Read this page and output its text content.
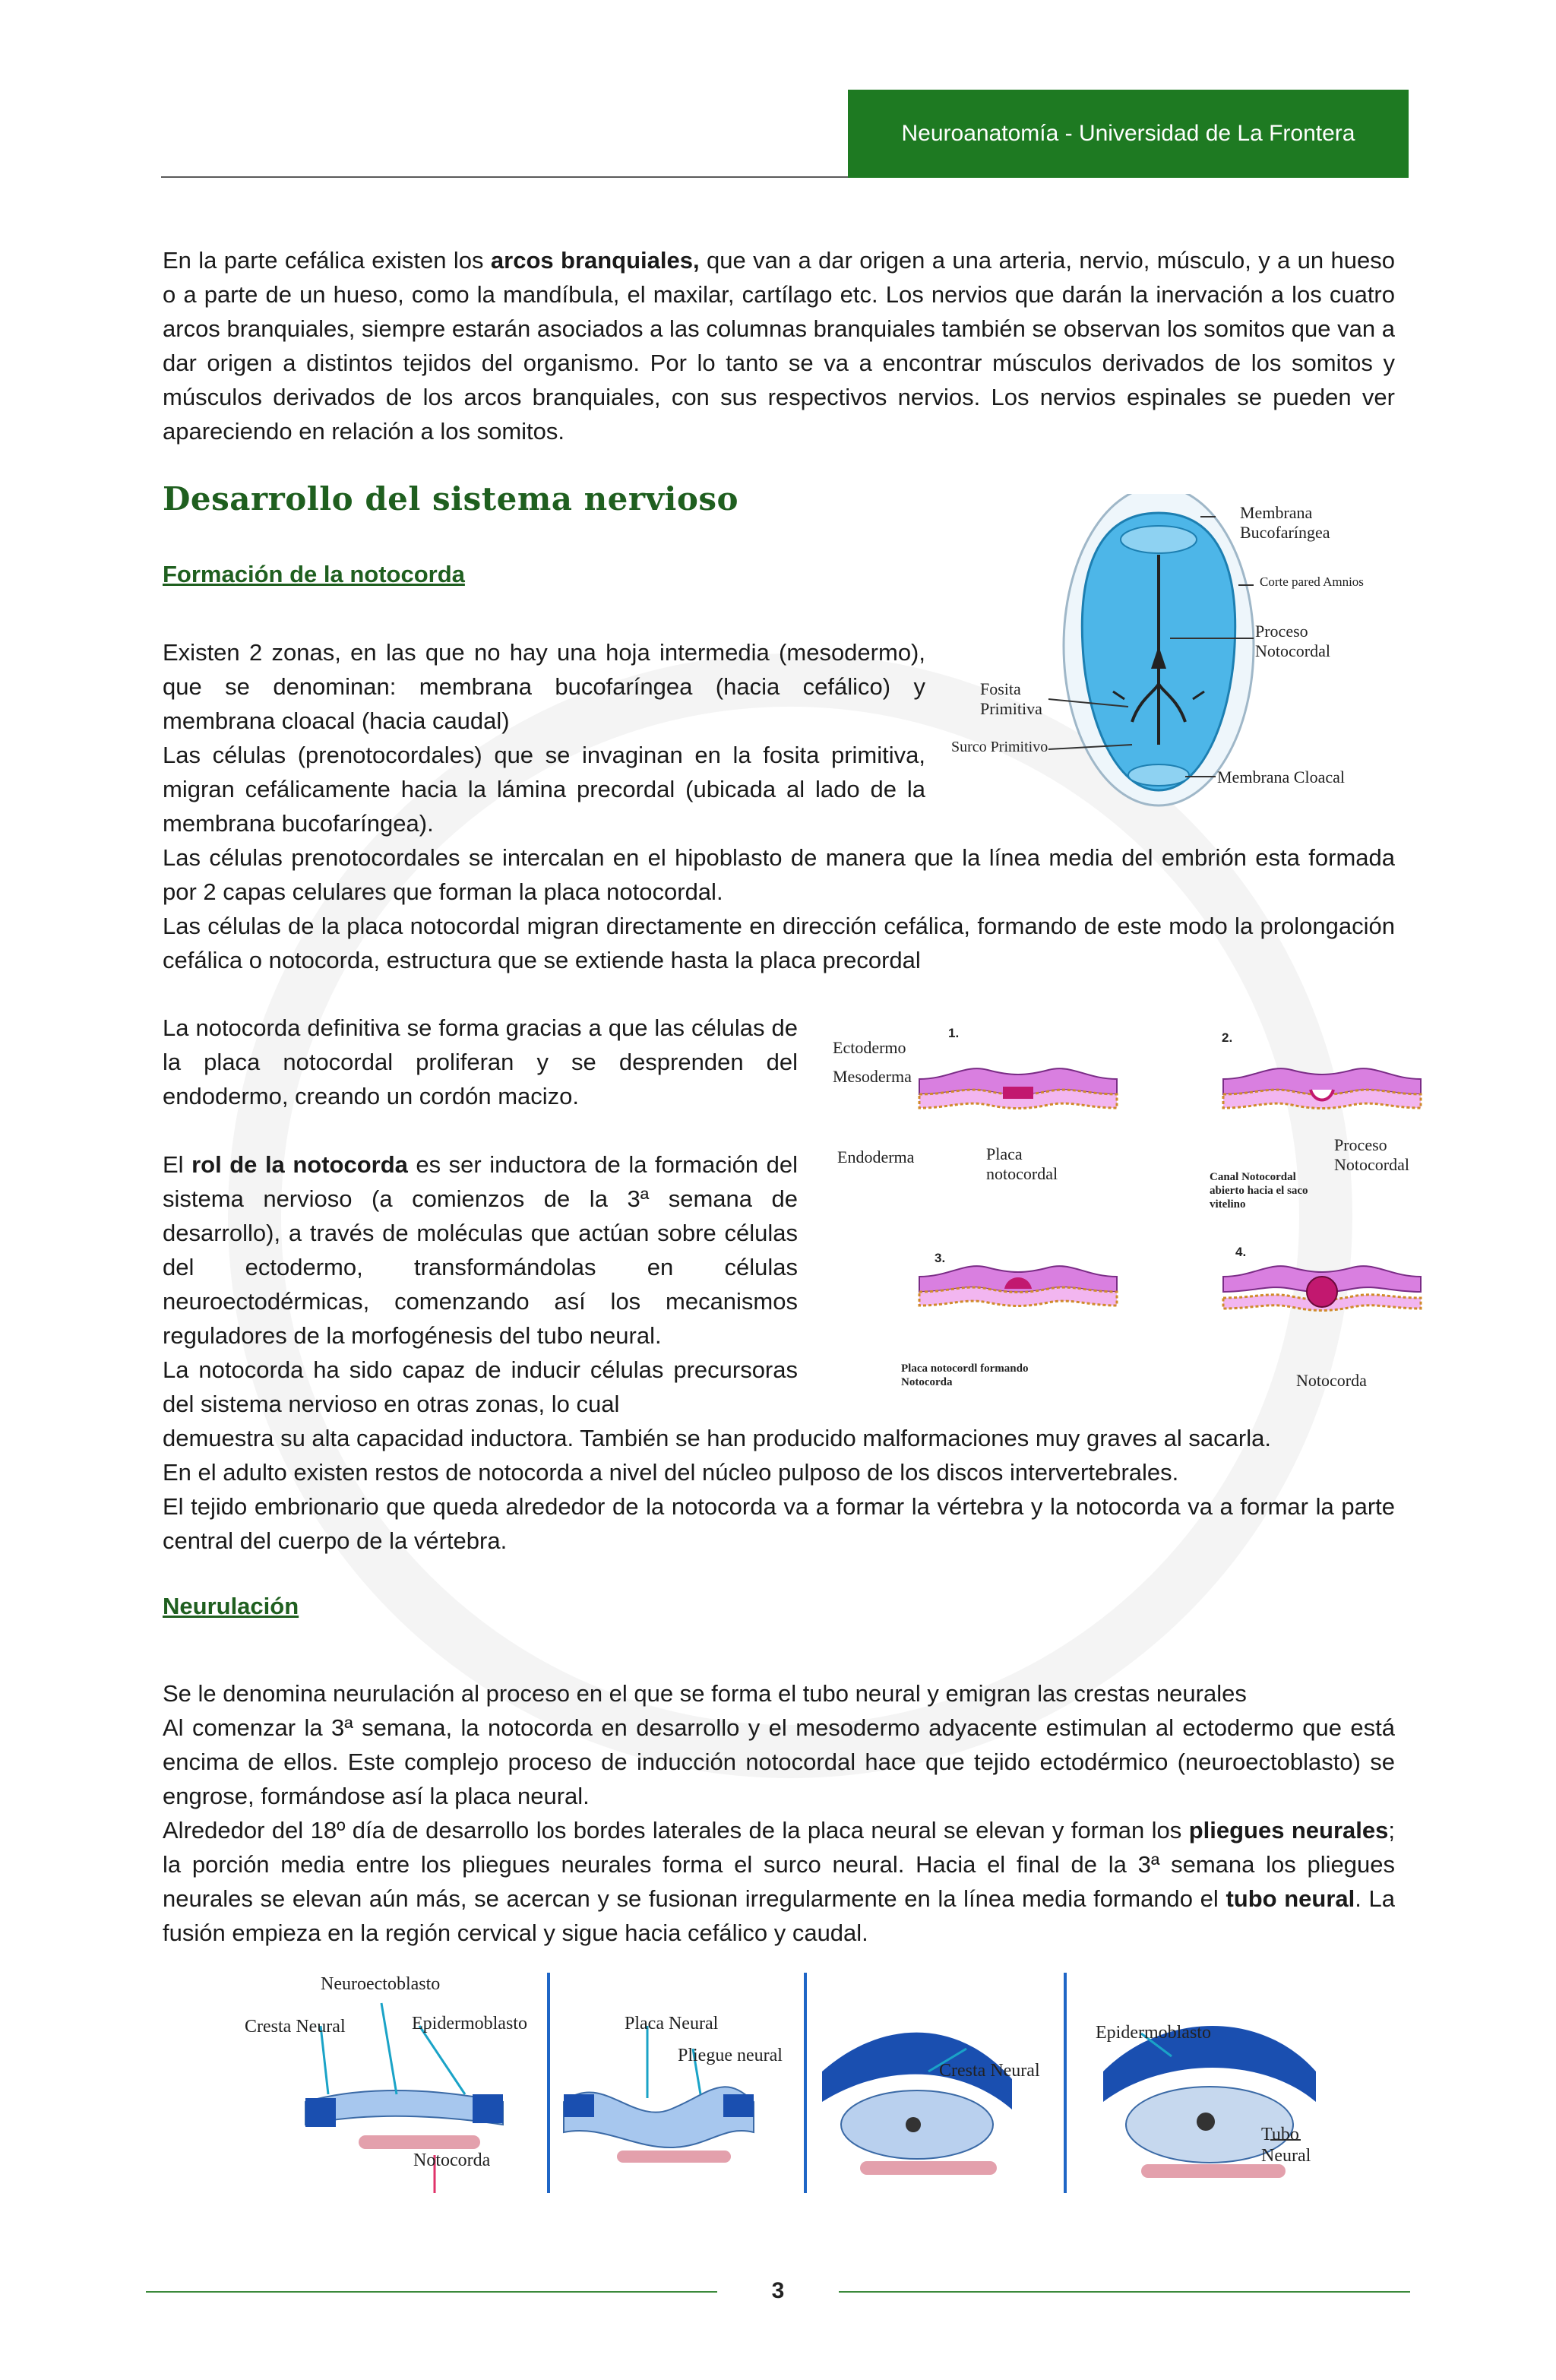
Neuroanatomía - Universidad de La Frontera

En la parte cefálica existen los arcos branquiales, que van a dar origen a una arteria, nervio, músculo, y a un hueso o a parte de un hueso, como la mandíbula, el maxilar, cartílago etc. Los nervios que darán la inervación a los cuatro arcos branquiales, siempre estarán asociados a las columnas branquiales también se observan los somitos que van a dar origen a distintos tejidos del organismo. Por lo tanto se va a encontrar músculos derivados de los somitos y músculos derivados de los arcos branquiales, con sus respectivos nervios. Los nervios espinales se pueden ver apareciendo en relación a los somitos.

Desarrollo del sistema nervioso
Formación de la notocorda

Existen 2 zonas, en las que no hay una hoja intermedia (mesodermo), que se denominan: membrana bucofaríngea (hacia cefálico) y membrana cloacal (hacia caudal)

Las células (prenotocordales) que se invaginan en la fosita primitiva, migran cefálicamente hacia la lámina precordal (ubicada al lado de la membrana bucofaríngea).

Las células prenotocordales se intercalan en el hipoblasto de manera que la línea media del embrión esta formada por 2 capas celulares que forman la placa notocordal.

Las células de la placa notocordal migran directamente en dirección cefálica, formando de este modo la prolongación cefálica o notocorda, estructura que se extiende hasta la placa precordal

La notocorda definitiva se forma gracias a que las células de la placa notocordal proliferan y se desprenden del endodermo, creando un cordón macizo.

El rol de la notocorda es ser inductora de la formación del sistema nervioso (a comienzos de la 3ª semana de desarrollo), a través de moléculas que actúan sobre células del ectodermo, transformándolas en células neuroectodérmicas, comenzando así los mecanismos reguladores de la morfogénesis del tubo neural.

La notocorda ha sido capaz de inducir células precursoras del sistema nervioso en otras zonas, lo cual

demuestra su alta capacidad inductora. También se han producido malformaciones muy graves al sacarla.

En el adulto existen restos de notocorda a nivel del núcleo pulposo de los discos intervertebrales.

El tejido embrionario que queda alrededor de la notocorda va a formar la vértebra y la notocorda va a formar la parte central del cuerpo de la vértebra.

Neurulación

Se le denomina neurulación al proceso en el que se forma el tubo neural y emigran las crestas neurales

Al comenzar la 3ª semana, la notocorda en desarrollo y el mesodermo adyacente estimulan al ectodermo que está encima de ellos. Este complejo proceso de inducción notocordal hace que tejido ectodérmico (neuroectoblasto) se engrose, formándose así la placa neural.

Alrededor del 18º día de desarrollo los bordes laterales de la placa neural se elevan y forman los pliegues neurales; la porción media entre los pliegues neurales forma el surco neural. Hacia el final de la 3ª semana los pliegues neurales se elevan aún más, se acercan y se fusionan irregularmente en la línea media formando el tubo neural. La fusión empieza en la región cervical y sigue hacia cefálico y caudal.

Membrana
Bucofaríngea
Corte pared Amnios
Proceso
Notocordal
Fosita
Primitiva
Surco Primitivo
Membrana Cloacal
1.	2.
3.	4.
Ectodermo
Mesoderma
Endoderma	Placa
notocordal
Proceso
Notocordal
Canal Notocordal
abierto hacia el saco
vitelino
Placa notocordl formando
Notocorda	Notocorda
Neuroectoblasto
Cresta Neural	Epidermoblasto
Notocorda
Placa Neural
Pliegue neural
Cresta Neural
Epidermoblasto
Tubo
Neural
3
